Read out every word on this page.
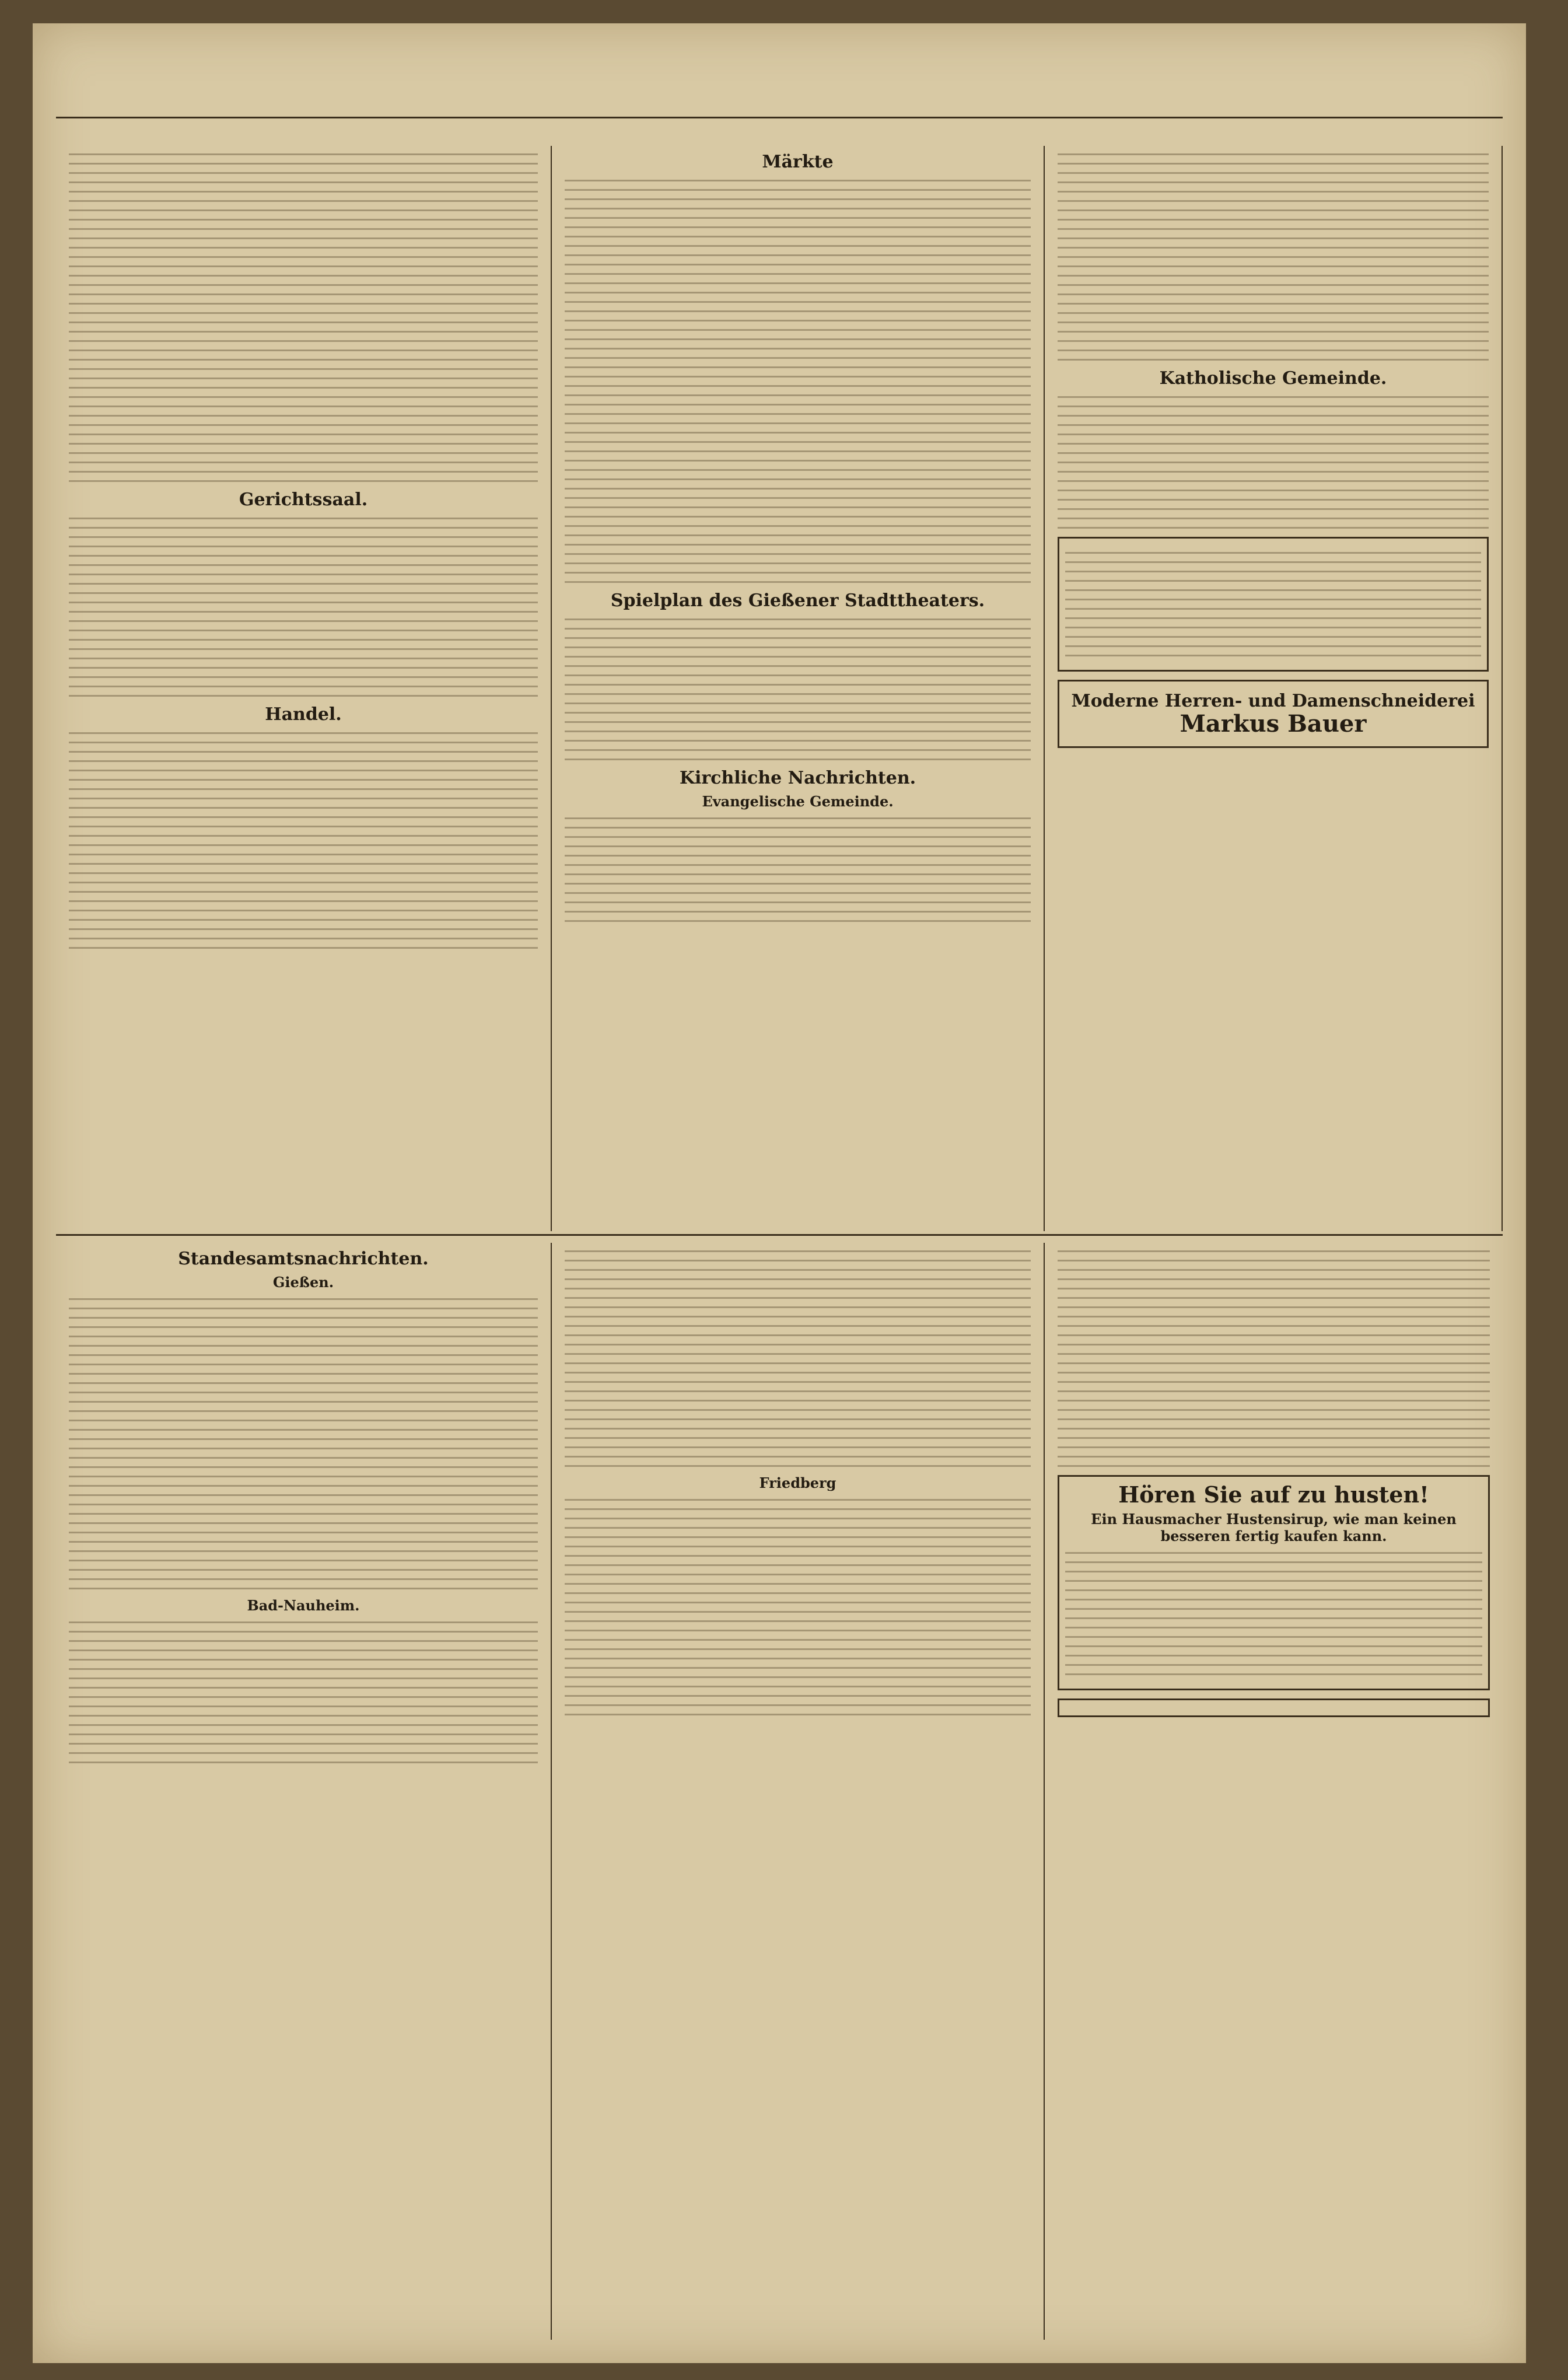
Gerichtssaal.
Handel.
Märkte
Spielplan des Gießener Stadttheaters.
Kirchliche Nachrichten.
Evangelische Gemeinde.
Katholische Gemeinde.
Moderne Herren- und Damenschneiderei
Markus Bauer
Standesamtsnachrichten.
Gießen.
Bad-Nauheim.
Friedberg	Hören Sie auf zu husten!
Ein Hausmacher Hustensirup, wie man keinen besseren fertig kaufen kann.
